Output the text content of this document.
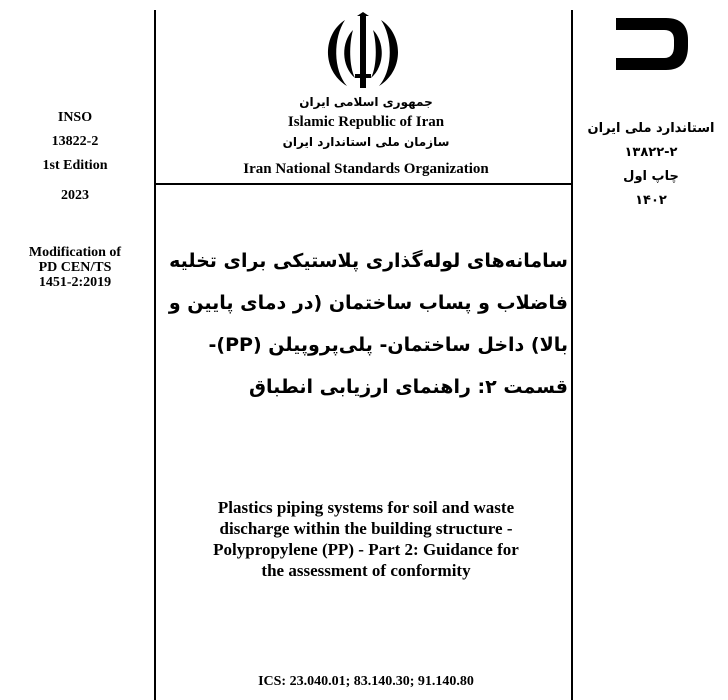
INSO
13822-2
1st Edition
2023
Modification of
PD CEN/TS
1451-2:2019
جمهوری اسلامی ایران
Islamic Republic of Iran
سازمان ملی استاندارد ایران
Iran National Standards Organization
ایران
استاندارد ملی ایران
۱۳۸۲۲-۲
چاپ اول
۱۴۰۲
سامانه‌های لوله‌گذاری پلاستیکی برای تخلیه
فاضلاب و پساب ساختمان (در دمای پایین و
بالا) داخل ساختمان- پلی‌پروپیلن (PP)-
قسمت ۲: راهنمای ارزیابی انطباق
Plastics piping systems for soil and waste
discharge within the building structure -
Polypropylene (PP) - Part 2: Guidance for
the assessment of conformity
ICS: 23.040.01; 83.140.30; 91.140.80
